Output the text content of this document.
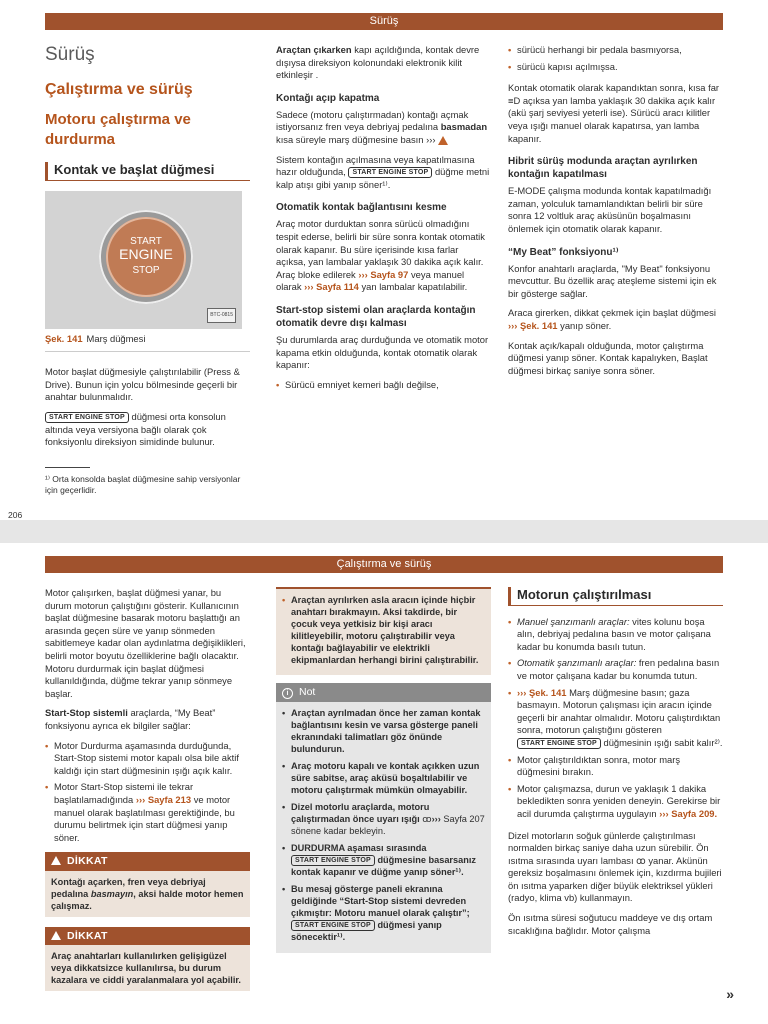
Sürüş
Sürüş
Çalıştırma ve sürüş
Motoru çalıştırma ve durdurma
Kontak ve başlat düğmesi
START
ENGINE
STOP
BTC-0815
Şek. 141 Marş düğmesi

Motor başlat düğmesiyle çalıştırılabilir (Press & Drive). Bunun için yolcu bölmesinde geçerli bir anahtar bulunmalıdır.

START ENGINE STOP düğmesi orta konsolun altında veya versiyona bağlı olarak çok fonksiyonlu direksiyon simidinde bulunur.

¹⁾ Orta konsolda başlat düğmesine sahip versiyonlar için geçerlidir.

Araçtan çıkarken kapı açıldığında, kontak devre dışıysa direksiyon kolonundaki elektronik kilit etkinleşir .

Kontağı açıp kapatma

Sadece (motoru çalıştırmadan) kontağı açmak istiyorsanız fren veya debriyaj pedalına basmadan kısa süreyle marş düğmesine basın ›››

Sistem kontağın açılmasına veya kapatılmasına hazır olduğunda, START ENGINE STOP düğme metni kalp atışı gibi yanıp söner¹⁾.

Otomatik kontak bağlantısını kesme

Araç motor durduktan sonra sürücü olmadığını tespit ederse, belirli bir süre sonra kontak otomatik olarak kapanır. Bu süre içerisinde kısa farlar açıksa, yan lambalar yaklaşık 30 dakika açık kalır. Araç bloke edilerek ››› Sayfa 97 veya manuel olarak ››› Sayfa 114 yan lambalar kapatılabilir.

Start-stop sistemi olan araçlarda kontağın otomatik devre dışı kalması

Şu durumlarda araç durduğunda ve otomatik motor kapama etkin olduğunda, kontak otomatik olarak kapanır:

• Sürücü emniyet kemeri bağlı değilse,
• sürücü herhangi bir pedala basmıyorsa,
• sürücü kapısı açılmışsa.

Kontak otomatik olarak kapandıktan sonra, kısa far ≡D açıksa yan lamba yaklaşık 30 dakika açık kalır (akü şarj seviyesi yeterli ise). Sürücü aracı kilitler veya ışığı manuel olarak kapatırsa, yan lamba kapanır.

Hibrit sürüş modunda araçtan ayrılırken kontağın kapatılması

E-MODE çalışma modunda kontak kapatılmadığı zaman, yolculuk tamamlandıktan belirli bir süre sonra 12 voltluk araç aküsünün boşalmasını önlemek için otomatik olarak kapanır.

“My Beat” fonksiyonu¹⁾

Konfor anahtarlı araçlarda, "My Beat" fonksiyonu mevcuttur. Bu özellik araç ateşleme sistemi için ek bir gösterge sağlar.

Araca girerken, dikkat çekmek için başlat düğmesi ››› Şek. 141 yanıp söner.

Kontak açık/kapalı olduğunda, motor çalıştırma düğmesi yanıp söner. Kontak kapalıyken, Başlat düğmesi birkaç saniye sonra söner.

206
Çalıştırma ve sürüş

Motor çalışırken, başlat düğmesi yanar, bu durum motorun çalıştığını gösterir. Kullanıcının başlat düğmesine basarak motoru başlattığı an arasında geçen süre ve yanıp sönmeden sabitlemeye kadar olan aydınlatma değişiklikleri, belirli motor boyutu özelliklerine bağlı olacaktır. Motoru durdurmak için başlat düğmesi kullanıldığında, düğme tekrar yanıp sönmeye başlar.

Start-Stop sistemli araçlarda, “My Beat” fonksiyonu ayrıca ek bilgiler sağlar:

• Motor Durdurma aşamasında durduğunda, Start-Stop sistemi motor kapalı olsa bile aktif kaldığı için start düğmesinin ışığı açık kalır.
• Motor Start-Stop sistemi ile tekrar başlatılamadığında ››› Sayfa 213 ve motor manuel olarak başlatılması gerektiğinde, bu durumu belirtmek için start düğmesi yanıp söner.
DİKKAT
Kontağı açarken, fren veya debriyaj pedalına basmayın, aksi halde motor hemen çalışmaz.
DİKKAT
Araç anahtarları kullanılırken gelişigüzel veya dikkatsizce kullanılırsa, bu durum kazalara ve ciddi yaralanmalara yol açabilir.
• Araçtan ayrılırken asla aracın içinde hiçbir anahtarı bırakmayın. Aksi takdirde, bir çocuk veya yetkisiz bir kişi aracı kilitleyebilir, motoru çalıştırabilir veya kontağı bağlayabilir ve elektrikli ekipmanlardan herhangi birini çalıştırabilir.
i Not
• Araçtan ayrılmadan önce her zaman kontak bağlantısını kesin ve varsa gösterge paneli ekranındaki talimatları göz önünde bulundurun.
• Araç motoru kapalı ve kontak açıkken uzun süre sabitse, araç aküsü boşaltılabilir ve motoru çalıştırmak mümkün olmayabilir.
• Dizel motorlu araçlarda, motoru çalıştırmadan önce uyarı ışığı ꝏ››› Sayfa 207 sönene kadar bekleyin.
• DURDURMA aşaması sırasında START ENGINE STOP düğmesine basarsanız kontak kapanır ve düğme yanıp söner¹⁾.
• Bu mesaj gösterge paneli ekranına geldiğinde “Start-Stop sistemi devreden çıkmıştır: Motoru manuel olarak çalıştır”; START ENGINE STOP düğmesi yanıp sönecektir¹⁾.
Motorun çalıştırılması
• Manuel şanzımanlı araçlar: vites kolunu boşa alın, debriyaj pedalına basın ve motor çalışana kadar bu konumda basılı tutun.
• Otomatik şanzımanlı araçlar: fren pedalına basın ve motor çalışana kadar bu konumda tutun.
• ››› Şek. 141 Marş düğmesine basın; gaza basmayın. Motorun çalışması için aracın içinde geçerli bir anahtar olmalıdır. Motoru çalıştırdıktan sonra, motorun çalıştığını gösteren START ENGINE STOP düğmesinin ışığı sabit kalır²⁾.
• Motor çalıştırıldıktan sonra, motor marş düğmesini bırakın.
• Motor çalışmazsa, durun ve yaklaşık 1 dakika bekledikten sonra yeniden deneyin. Gerekirse bir acil durumda çalıştırma uygulayın ››› Sayfa 209.

Dizel motorların soğuk günlerde çalıştırılması normalden birkaç saniye daha uzun sürebilir. Ön ısıtma sırasında uyarı lambası ꝏ yanar. Akünün gereksiz boşalmasını önlemek için, kızdırma bujileri ön ısıtma yaparken diğer büyük elektriksel yükleri (radyo, klima vb) kullanmayın.

Ön ısıtma süresi soğutucu maddeye ve dış ortam sıcaklığına bağlıdır. Motor çalışma

»
